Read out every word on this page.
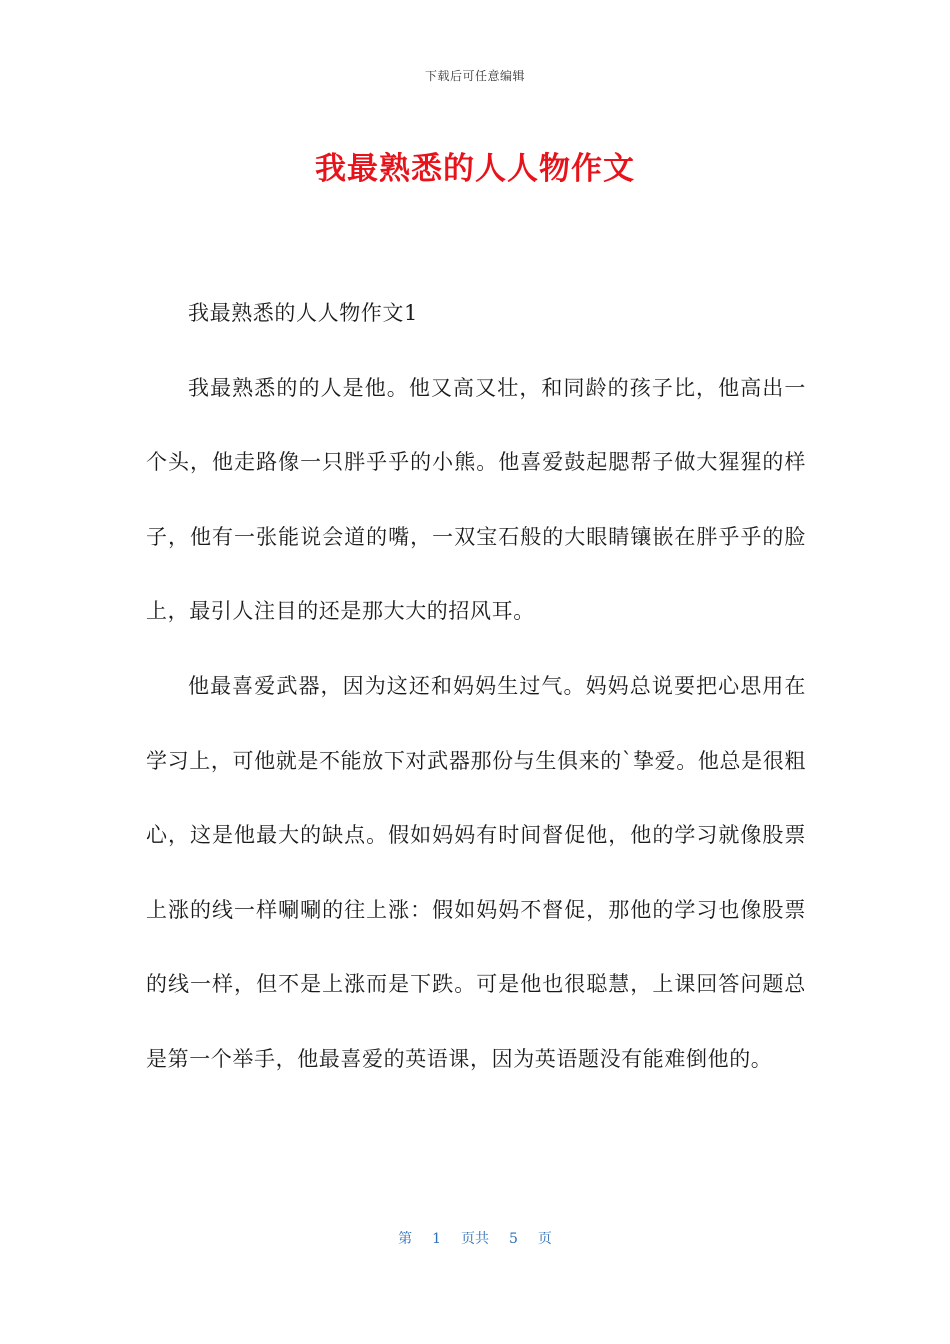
下载后可任意编辑
我最熟悉的人人物作文

我最熟悉的人人物作文1

我最熟悉的的人是他。他又高又壮，和同龄的孩子比，他高出一个头，他走路像一只胖乎乎的小熊。他喜爱鼓起腮帮子做大猩猩的样子，他有一张能说会道的嘴，一双宝石般的大眼睛镶嵌在胖乎乎的脸上，最引人注目的还是那大大的招风耳。

他最喜爱武器，因为这还和妈妈生过气。妈妈总说要把心思用在学习上，可他就是不能放下对武器那份与生俱来的`挚爱。他总是很粗心，这是他最大的缺点。假如妈妈有时间督促他，他的学习就像股票上涨的线一样唰唰的往上涨：假如妈妈不督促，那他的学习也像股票的线一样，但不是上涨而是下跌。可是他也很聪慧，上课回答问题总是第一个举手，他最喜爱的英语课，因为英语题没有能难倒他的。

第 1 页共 5 页
